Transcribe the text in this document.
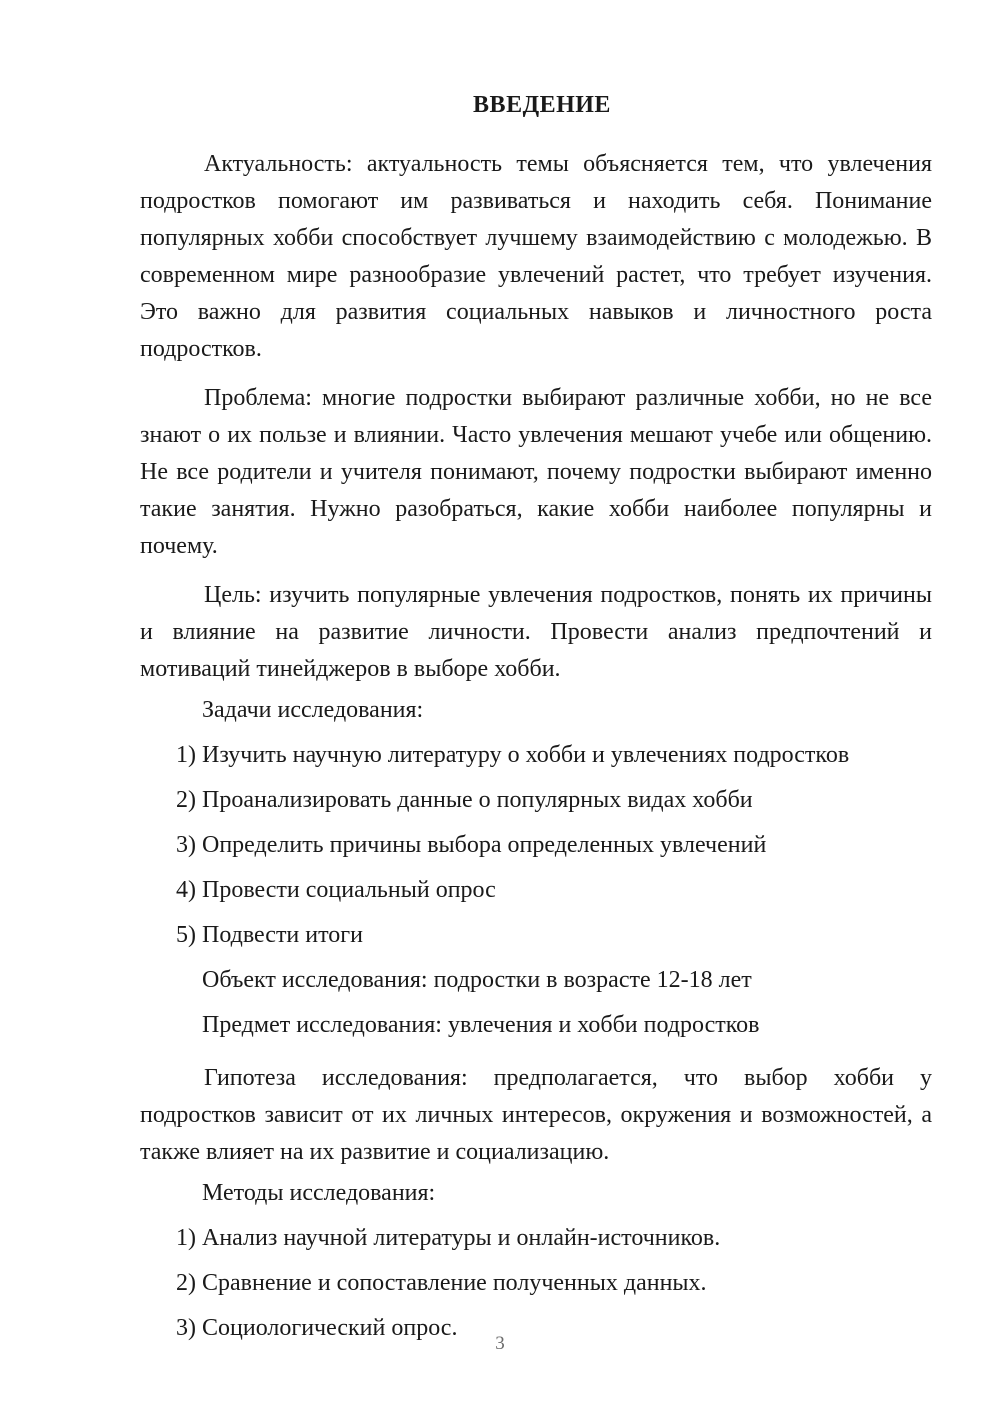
ВВЕДЕНИЕ

Актуальность: актуальность темы объясняется тем, что увлечения подростков помогают им развиваться и находить себя. Понимание популярных хобби способствует лучшему взаимодействию с молодежью. В современном мире разнообразие увлечений растет, что требует изучения. Это важно для развития социальных навыков и личностного роста подростков.

Проблема: многие подростки выбирают различные хобби, но не все знают о их пользе и влиянии. Часто увлечения мешают учебе или общению. Не все родители и учителя понимают, почему подростки выбирают именно такие занятия. Нужно разобраться, какие хобби наиболее популярны и почему.

Цель: изучить популярные увлечения подростков, понять их причины и влияние на развитие личности. Провести анализ предпочтений и мотиваций тинейджеров в выборе хобби.

Задачи исследования:

1) Изучить научную литературу о хобби и увлечениях подростков
2) Проанализировать данные о популярных видах хобби
3) Определить причины выбора определенных увлечений
4) Провести социальный опрос
5) Подвести итоги

Объект исследования: подростки в возрасте 12-18 лет

Предмет исследования: увлечения и хобби подростков

Гипотеза исследования: предполагается, что выбор хобби у подростков зависит от их личных интересов, окружения и возможностей, а также влияет на их развитие и социализацию.

Методы исследования:

1) Анализ научной литературы и онлайн-источников.
2) Сравнение и сопоставление полученных данных.
3) Социологический опрос.
3
